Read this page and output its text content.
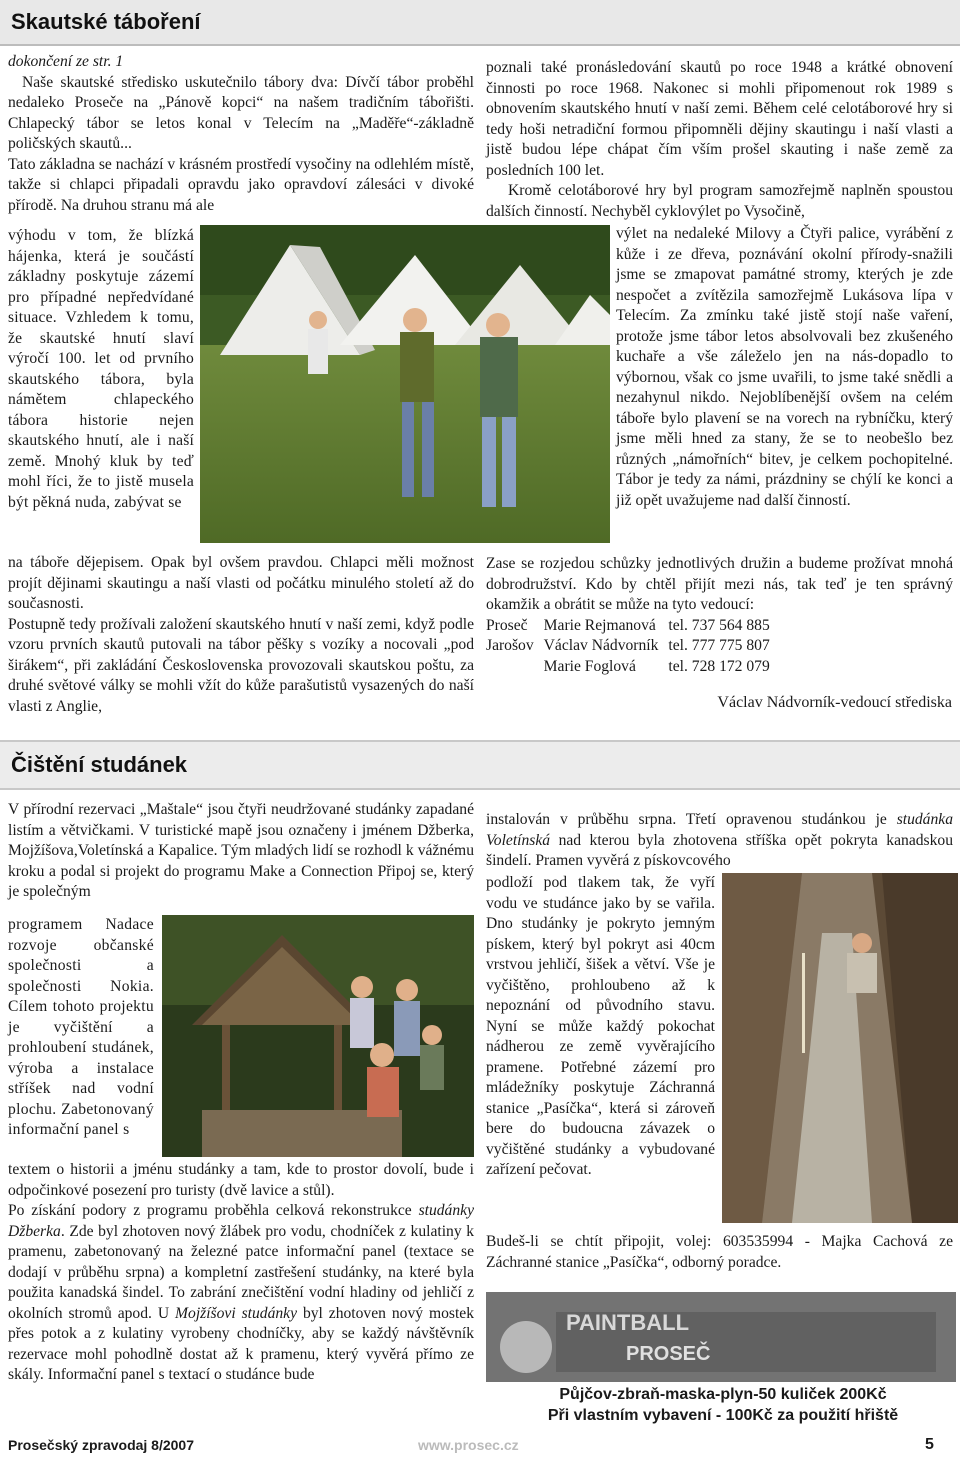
Skautské táboření

dokončení ze str. 1

Naše skautské středisko uskutečnilo tábory dva: Dívčí tábor proběhl nedaleko Proseče na „Pánově kopci“ na našem tradičním tábořišti. Chlapecký tábor se letos konal v Telecím na „Maděře“-základně poličských skautů...

Tato základna se nachází v krásném prostředí vysočiny na odlehlém místě, takže si chlapci připadali opravdu jako opravdoví zálesáci v divoké přírodě. Na druhou stranu má ale

výhodu v tom, že blízká hájenka, která je součástí základny poskytuje zázemí pro případné nepředvídané situace. Vzhledem k tomu, že skautské hnutí slaví výročí 100. let od prvního skautského tábora, byla námětem chlapeckého tábora historie nejen skautského hnutí, ale i naší země. Mnohý kluk by teď mohl říci, že to jistě musela být pěkná nuda, zabývat se

na táboře dějepisem. Opak byl ovšem pravdou. Chlapci měli možnost projít dějinami skautingu a naší vlasti od počátku minulého století až do současnosti.

Postupně tedy prožívali založení skautského hnutí v naší zemi, když podle vzoru prvních skautů putovali na tábor pěšky s vozíky a nocovali „pod širákem“, při zakládání Československa provozovali skautskou poštu, za druhé světové války se mohli vžít do kůže parašutistů vysazených do naší vlasti z Anglie,

poznali také pronásledování skautů po roce 1948 a krátké obnovení činnosti po roce 1968. Nakonec si mohli připomenout rok 1989 s obnovením skautského hnutí v naší zemi. Během celé celotáborové hry si tedy hoši netradiční formou připomněli dějiny skautingu i naší vlasti a jistě budou lépe chápat čím vším prošel skauting i naše země za posledních 100 let.

Kromě celotáborové hry byl program samozřejmě naplněn spoustou dalších činností. Nechyběl cyklovýlet po Vysočině,

výlet na nedaleké Milovy a Čtyři palice, vyrábění z kůže i ze dřeva, poznávání okolní přírody-snažili jsme se zmapovat památné stromy, kterých je zde nespočet a zvítězila samozřejmě Lukásova lípa v Telecím. Za zmínku také jistě stojí naše vaření, protože jsme tábor letos absolvovali bez zkušeného kuchaře a vše záleželo jen na nás-dopadlo to výbornou, však co jsme uvařili, to jsme také snědli a nezahynul nikdo. Nejoblíbenější ovšem na celém táboře bylo plavení se na vorech na rybníčku, který jsme měli hned za stany, že se to neobešlo bez různých „námořních“ bitev, je celkem pochopitelné. Tábor je tedy za námi, prázdniny se chýlí ke konci a již opět uvažujeme nad další činností.

Zase se rozjedou schůzky jednotlivých družin a budeme prožívat mnohá dobrodružství. Kdo by chtěl přijít mezi nás, tak teď je ten správný okamžik a obrátit se může na tyto vedoucí:

Proseč	Marie Rejmanová	tel. 737 564 885
Jarošov	Václav Nádvorník	tel. 777 775 807
	Marie Foglová	tel. 728 172 079
Václav Nádvorník-vedoucí střediska
Čištění studánek

V přírodní rezervaci „Maštale“ jsou čtyři neudržované studánky zapadané listím a větvičkami. V turistické mapě jsou označeny i jménem Džberka, Mojžíšova,Voletínská a Kapalice. Tým mladých lidí se rozhodl k vážnému kroku a podal si projekt do programu Make a Connection Připoj se, který je společným

programem Nadace rozvoje občanské společnosti a společnosti Nokia. Cílem tohoto projektu je vyčištění a prohloubení studánek, výroba a instalace stříšek nad vodní plochu. Zabetonovaný informační panel s

textem o historii a jménu studánky a tam, kde to prostor dovolí, bude i odpočinkové posezení pro turisty (dvě lavice a stůl).

Po získání podory z programu proběhla celková rekonstrukce studánky Džberka. Zde byl zhotoven nový žlábek pro vodu, chodníček z kulatiny k pramenu, zabetonovaný na železné patce informační panel (textace se dodají v průběhu srpna) a kompletní zastřešení studánky, na které byla použita kanadská šindel. To zabrání znečištění vodní hladiny od jehličí z okolních stromů apod. U Mojžíšovi studánky byl zhotoven nový mostek přes potok a z kulatiny vyrobeny chodníčky, aby se každý návštěvník rezervace mohl pohodlně dostat až k pramenu, který vyvěrá přímo ze skály. Informační panel s textací o studánce bude

instalován v průběhu srpna. Třetí opravenou studánkou je studánka Voletínská nad kterou byla zhotovena stříška opět pokryta kanadskou šindelí. Pramen vyvěrá z pískovcového

podloží pod tlakem tak, že vyří vodu ve studánce jako by se vařila. Dno studánky je pokryto jemným pískem, který byl pokryt asi 40cm vrstvou jehličí, šišek a větví. Vše je vyčištěno, prohloubeno až k nepoznání od původního stavu. Nyní se může každý pokochat nádherou ze země vyvěrajícího pramene. Potřebné zázemí pro mládežníky poskytuje Záchranná stanice „Pasíčka“, která si zároveň bere do budoucna závazek o vyčištěné studánky a vybudované zařízení pečovat.

Budeš-li se chtít připojit, volej: 603535994 - Majka Cachová ze Záchranné stanice „Pasíčka“, odborný poradce.

PAINTBALL
PROSEČ
Půjčov-zbraň-maska-plyn-50 kuliček 200Kč
Při vlastním vybavení - 100Kč za použití hřiště
Prosečský zpravodaj 8/2007	www.prosec.cz	5
